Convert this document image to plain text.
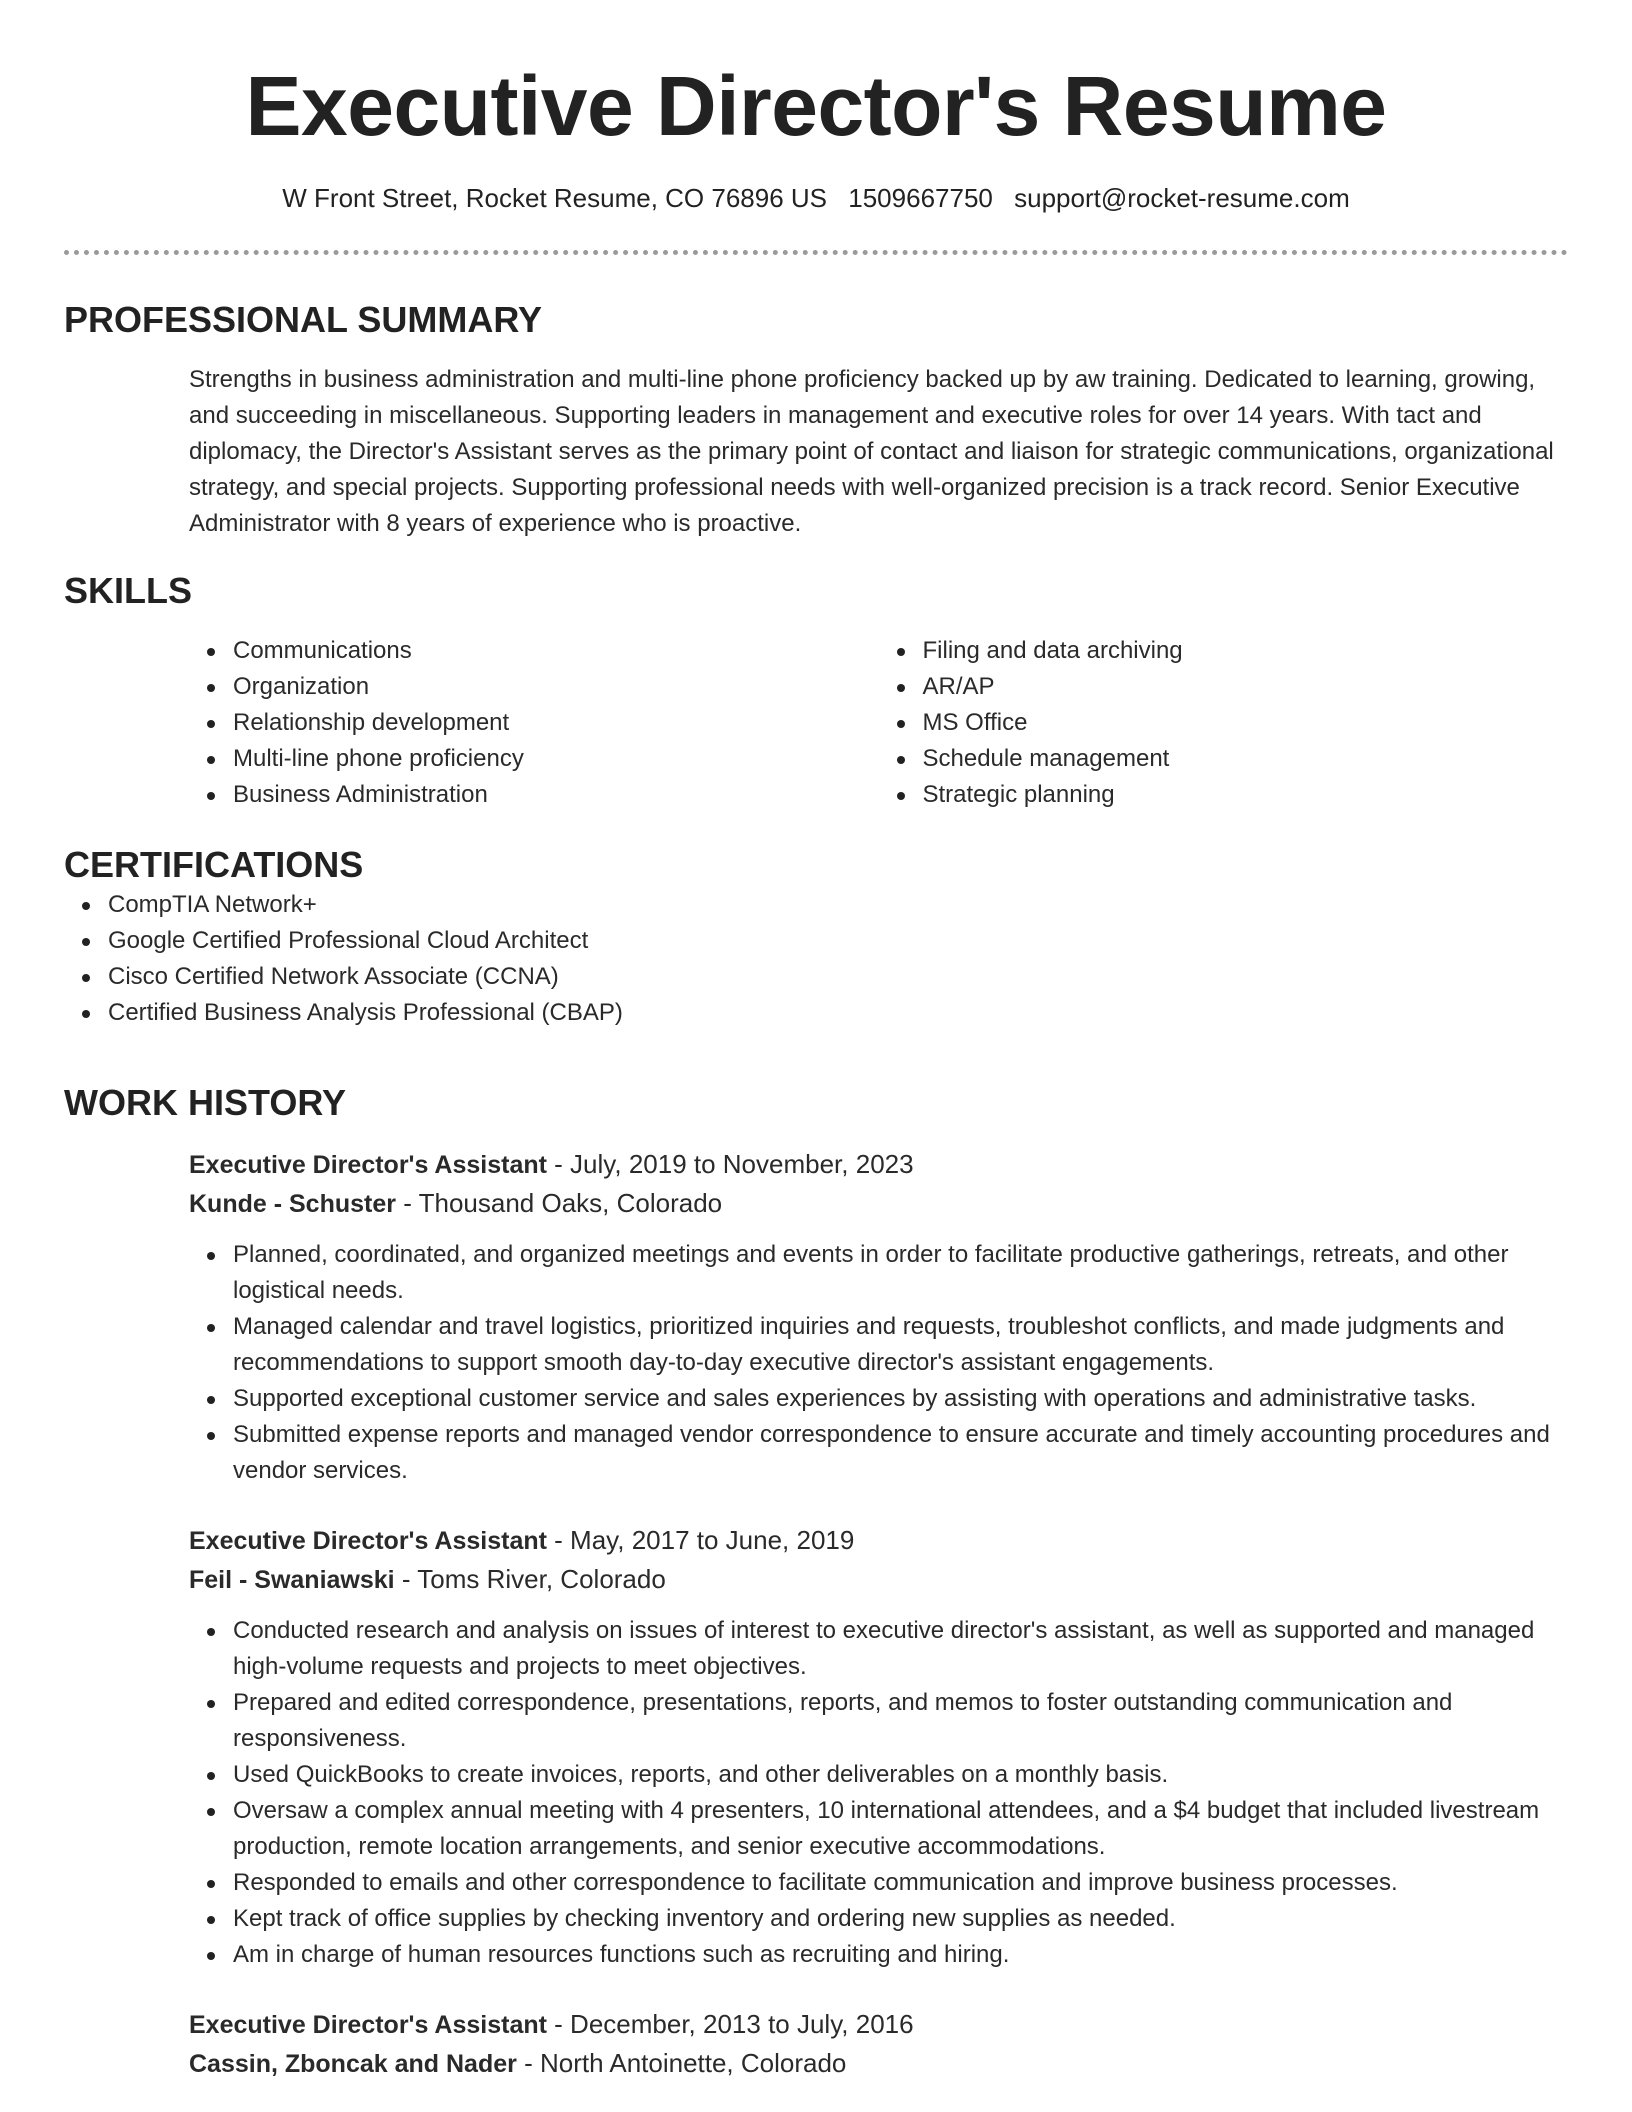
Executive Director's Resume
W Front Street, Rocket Resume, CO 76896 US 1509667750 support@rocket-resume.com
PROFESSIONAL SUMMARY

Strengths in business administration and multi-line phone proficiency backed up by aw training. Dedicated to learning, growing, and succeeding in miscellaneous. Supporting leaders in management and executive roles for over 14 years. With tact and diplomacy, the Director's Assistant serves as the primary point of contact and liaison for strategic communications, organizational strategy, and special projects. Supporting professional needs with well-organized precision is a track record. Senior Executive Administrator with 8 years of experience who is proactive.

SKILLS
Communications
Organization
Relationship development
Multi-line phone proficiency
Business Administration
Filing and data archiving
AR/AP
MS Office
Schedule management
Strategic planning
CERTIFICATIONS
CompTIA Network+
Google Certified Professional Cloud Architect
Cisco Certified Network Associate (CCNA)
Certified Business Analysis Professional (CBAP)
WORK HISTORY

Executive Director's Assistant - July, 2019 to November, 2023

Kunde - Schuster - Thousand Oaks, Colorado

Planned, coordinated, and organized meetings and events in order to facilitate productive gatherings, retreats, and other logistical needs.
Managed calendar and travel logistics, prioritized inquiries and requests, troubleshot conflicts, and made judgments and recommendations to support smooth day-to-day executive director's assistant engagements.
Supported exceptional customer service and sales experiences by assisting with operations and administrative tasks.
Submitted expense reports and managed vendor correspondence to ensure accurate and timely accounting procedures and vendor services.

Executive Director's Assistant - May, 2017 to June, 2019

Feil - Swaniawski - Toms River, Colorado

Conducted research and analysis on issues of interest to executive director's assistant, as well as supported and managed high-volume requests and projects to meet objectives.
Prepared and edited correspondence, presentations, reports, and memos to foster outstanding communication and responsiveness.
Used QuickBooks to create invoices, reports, and other deliverables on a monthly basis.
Oversaw a complex annual meeting with 4 presenters, 10 international attendees, and a $4 budget that included livestream production, remote location arrangements, and senior executive accommodations.
Responded to emails and other correspondence to facilitate communication and improve business processes.
Kept track of office supplies by checking inventory and ordering new supplies as needed.
Am in charge of human resources functions such as recruiting and hiring.

Executive Director's Assistant - December, 2013 to July, 2016

Cassin, Zboncak and Nader - North Antoinette, Colorado
